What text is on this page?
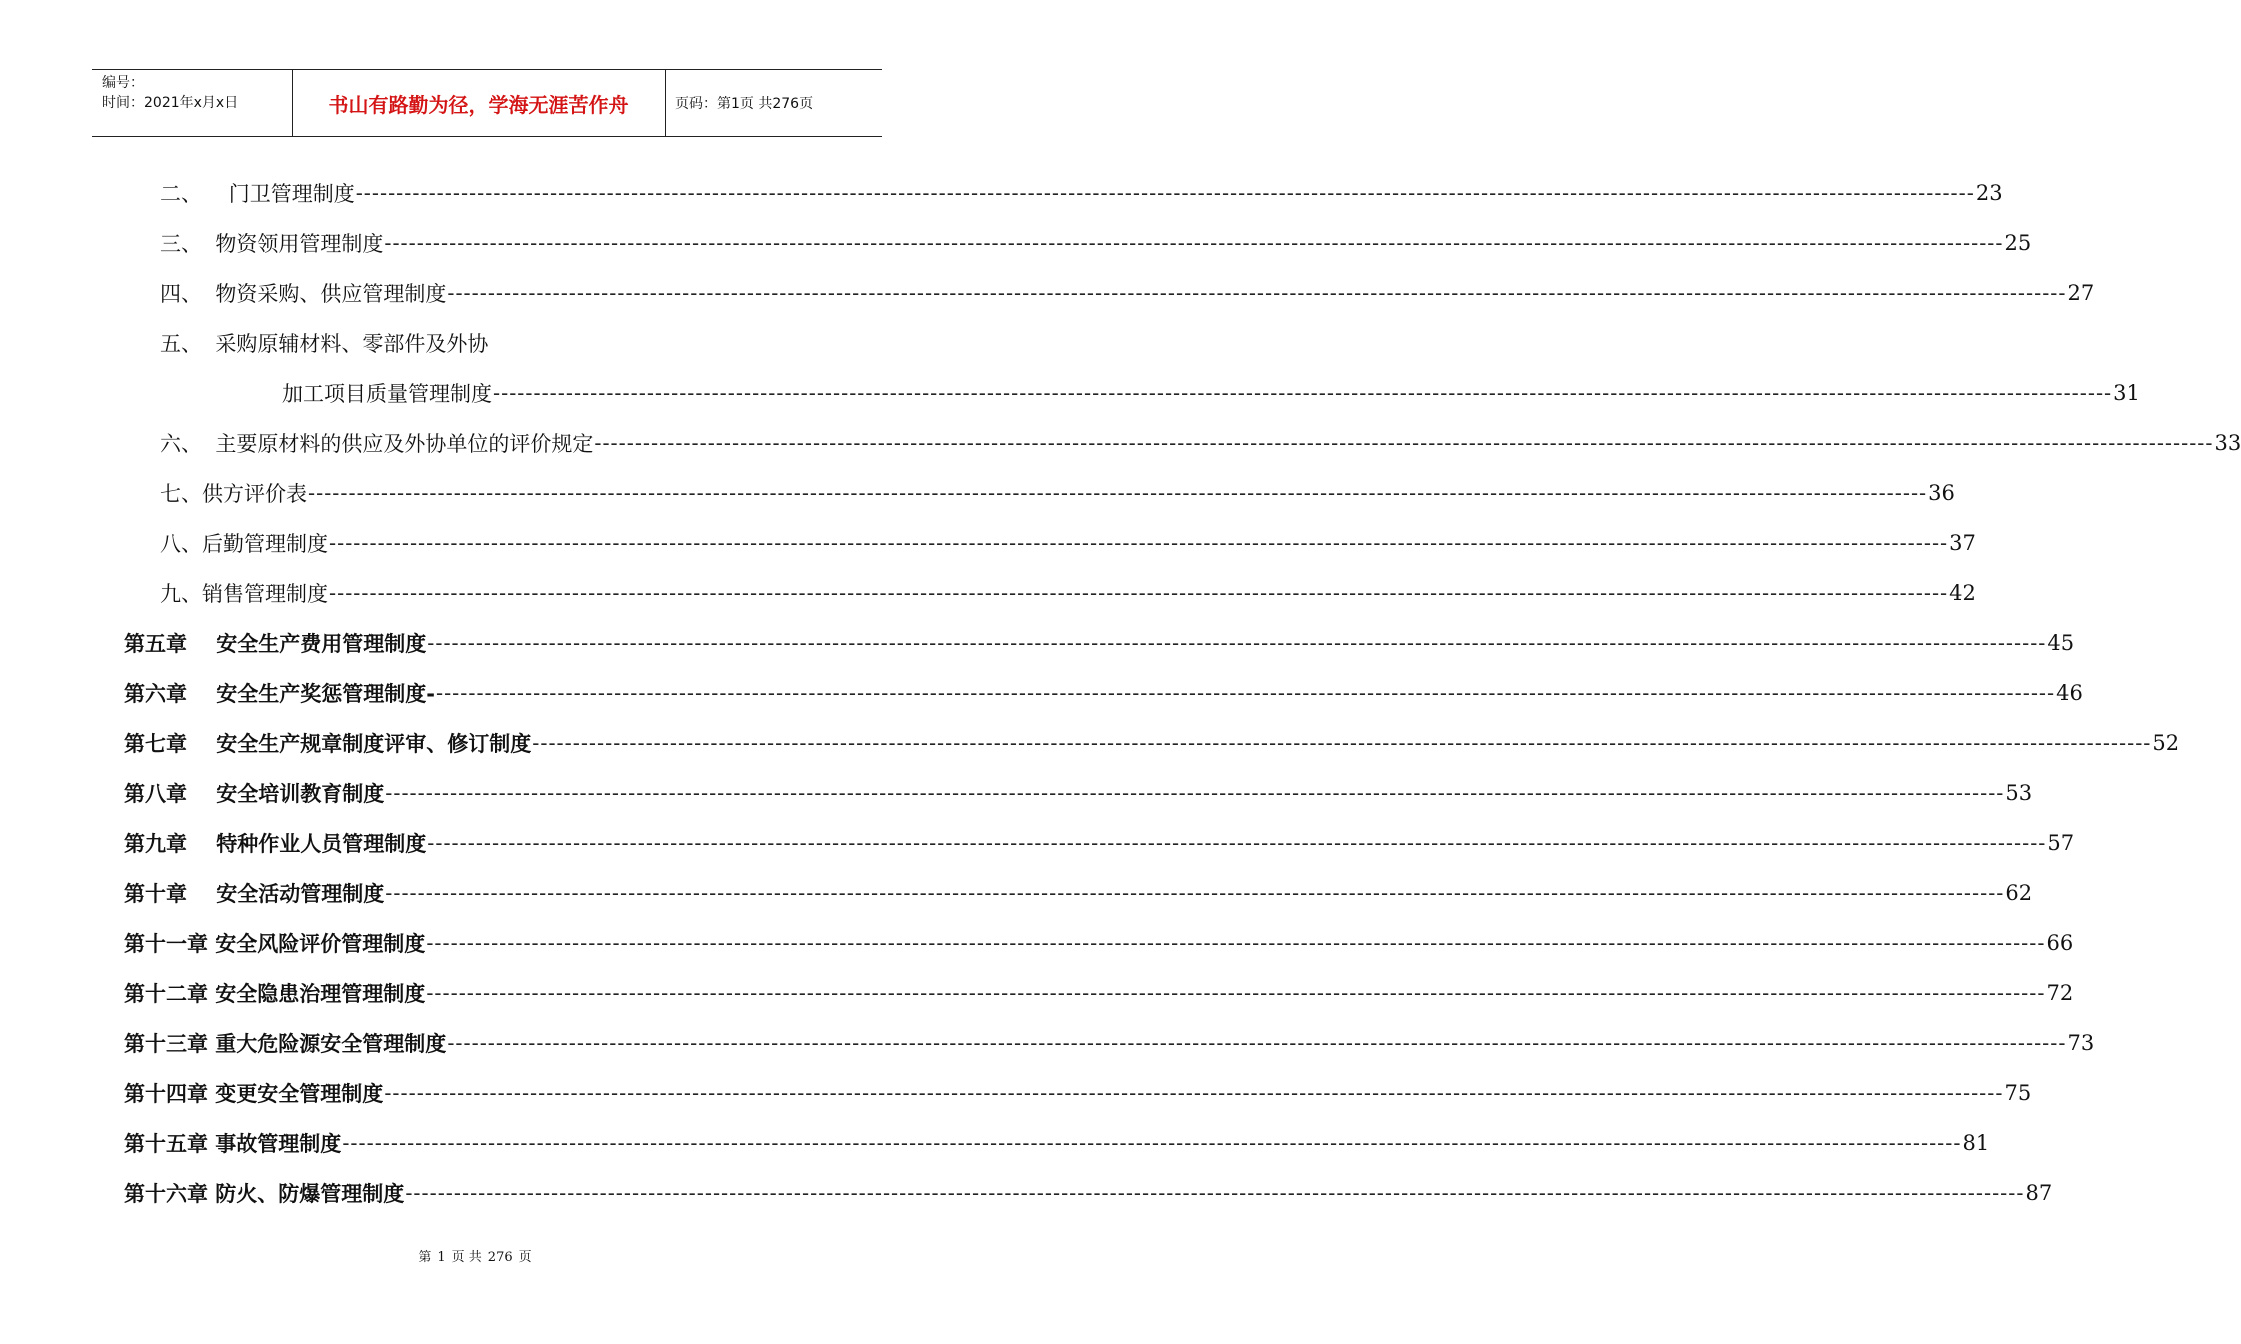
编号：
时间：2021年x月x日	书山有路勤为径，学海无涯苦作舟	页码：第1页 共276页
二、    门卫管理制度 -------------------------------------------------------------------------------------------------------------------------------------------------------------------------------------------------------- 23
三、  物资领用管理制度 -------------------------------------------------------------------------------------------------------------------------------------------------------------------------------------------------------- 25
四、  物资采购、供应管理制度 -------------------------------------------------------------------------------------------------------------------------------------------------------------------------------------------------------- 27
五、  采购原辅材料、零部件及外协
加工项目质量管理制度 -------------------------------------------------------------------------------------------------------------------------------------------------------------------------------------------------------- 31
六、  主要原材料的供应及外协单位的评价规定 -------------------------------------------------------------------------------------------------------------------------------------------------------------------------------------------------------- 33
七、供方评价表 -------------------------------------------------------------------------------------------------------------------------------------------------------------------------------------------------------- 36
八、后勤管理制度 -------------------------------------------------------------------------------------------------------------------------------------------------------------------------------------------------------- 37
九、销售管理制度 -------------------------------------------------------------------------------------------------------------------------------------------------------------------------------------------------------- 42
第五章    安全生产费用管理制度 -------------------------------------------------------------------------------------------------------------------------------------------------------------------------------------------------------- 45
第六章    安全生产奖惩管理制度- -------------------------------------------------------------------------------------------------------------------------------------------------------------------------------------------------------- 46
第七章    安全生产规章制度评审、修订制度 -------------------------------------------------------------------------------------------------------------------------------------------------------------------------------------------------------- 52
第八章    安全培训教育制度 -------------------------------------------------------------------------------------------------------------------------------------------------------------------------------------------------------- 53
第九章    特种作业人员管理制度 -------------------------------------------------------------------------------------------------------------------------------------------------------------------------------------------------------- 57
第十章    安全活动管理制度 -------------------------------------------------------------------------------------------------------------------------------------------------------------------------------------------------------- 62
第十一章 安全风险评价管理制度 -------------------------------------------------------------------------------------------------------------------------------------------------------------------------------------------------------- 66
第十二章 安全隐患治理管理制度 -------------------------------------------------------------------------------------------------------------------------------------------------------------------------------------------------------- 72
第十三章 重大危险源安全管理制度 -------------------------------------------------------------------------------------------------------------------------------------------------------------------------------------------------------- 73
第十四章 变更安全管理制度 -------------------------------------------------------------------------------------------------------------------------------------------------------------------------------------------------------- 75
第十五章 事故管理制度 -------------------------------------------------------------------------------------------------------------------------------------------------------------------------------------------------------- 81
第十六章 防火、防爆管理制度 -------------------------------------------------------------------------------------------------------------------------------------------------------------------------------------------------------- 87
第 1 页 共 276 页
